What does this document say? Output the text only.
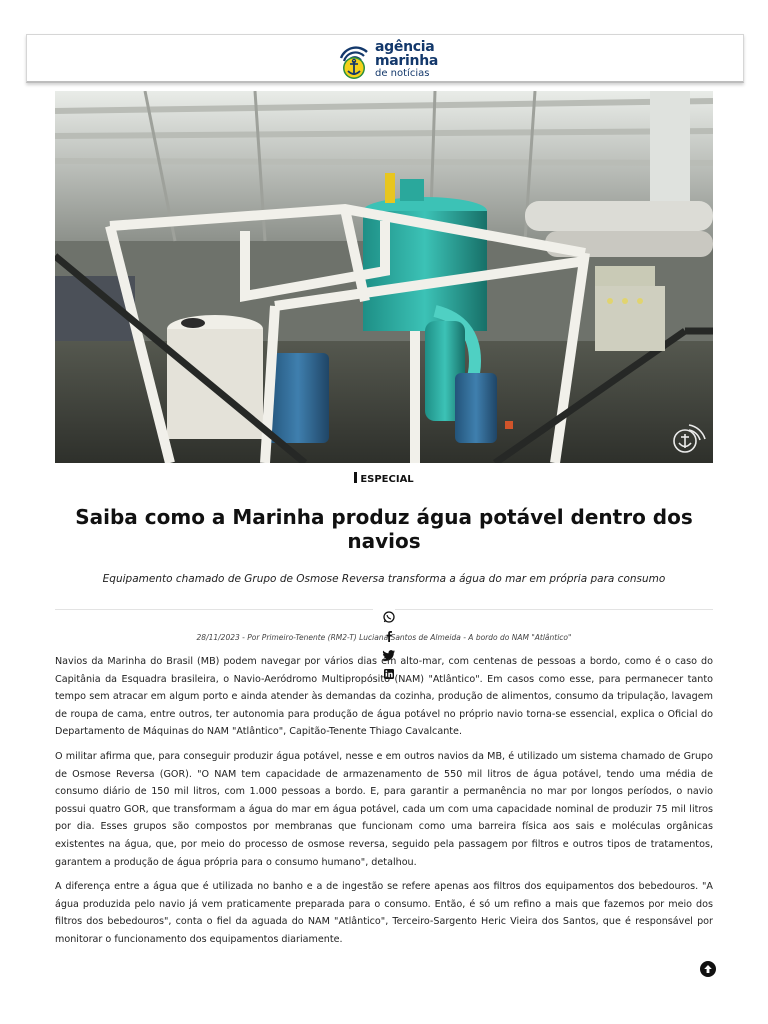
agência
marinha
de notícias
ESPECIAL
Saiba como a Marinha produz água potável dentro dos navios

Equipamento chamado de Grupo de Osmose Reversa transforma a água do mar em própria para consumo

28/11/2023 - Por Primeiro-Tenente (RM2-T) Luciana Santos de Almeida - A bordo do NAM "Atlântico"

Navios da Marinha do Brasil (MB) podem navegar por vários dias em alto-mar, com centenas de pessoas a bordo, como é o caso do Capitânia da Esquadra brasileira, o Navio-Aeródromo Multipropósito (NAM) "Atlântico". Em casos como esse, para permanecer tanto tempo sem atracar em algum porto e ainda atender às demandas da cozinha, produção de alimentos, consumo da tripulação, lavagem de roupa de cama, entre outros, ter autonomia para produção de água potável no próprio navio torna-se essencial, explica o Oficial do Departamento de Máquinas do NAM "Atlântico", Capitão-Tenente Thiago Cavalcante.

O militar afirma que, para conseguir produzir água potável, nesse e em outros navios da MB, é utilizado um sistema chamado de Grupo de Osmose Reversa (GOR). "O NAM tem capacidade de armazenamento de 550 mil litros de água potável, tendo uma média de consumo diário de 150 mil litros, com 1.000 pessoas a bordo. E, para garantir a permanência no mar por longos períodos, o navio possui quatro GOR, que transformam a água do mar em água potável, cada um com uma capacidade nominal de produzir 75 mil litros por dia. Esses grupos são compostos por membranas que funcionam como uma barreira física aos sais e moléculas orgânicas existentes na água, que, por meio do processo de osmose reversa, seguido pela passagem por filtros e outros tipos de tratamentos, garantem a produção de água própria para o consumo humano", detalhou.

A diferença entre a água que é utilizada no banho e a de ingestão se refere apenas aos filtros dos equipamentos dos bebedouros. "A água produzida pelo navio já vem praticamente preparada para o consumo. Então, é só um refino a mais que fazemos por meio dos filtros dos bebedouros", conta o fiel da aguada do NAM "Atlântico", Terceiro-Sargento Heric Vieira dos Santos, que é responsável por monitorar o funcionamento dos equipamentos diariamente.
